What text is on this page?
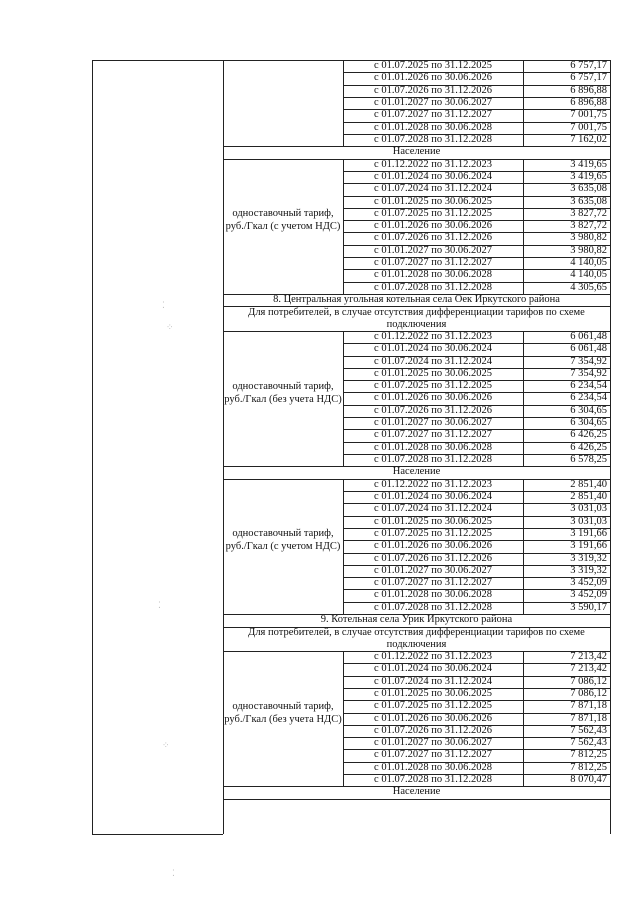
с 01.07.2025 по 31.12.2025	6 757,17
с 01.01.2026 по 30.06.2026	6 757,17
с 01.07.2026 по 31.12.2026	6 896,88
с 01.01.2027 по 30.06.2027	6 896,88
с 01.07.2027 по 31.12.2027	7 001,75
с 01.01.2028 по 30.06.2028	7 001,75
с 01.07.2028 по 31.12.2028	7 162,02
Население
с 01.12.2022 по 31.12.2023	3 419,65
с 01.01.2024 по 30.06.2024	3 419,65
с 01.07.2024 по 31.12.2024	3 635,08
с 01.01.2025 по 30.06.2025	3 635,08
с 01.07.2025 по 31.12.2025	3 827,72
с 01.01.2026 по 30.06.2026	3 827,72
с 01.07.2026 по 31.12.2026	3 980,82
с 01.01.2027 по 30.06.2027	3 980,82
с 01.07.2027 по 31.12.2027	4 140,05
с 01.01.2028 по 30.06.2028	4 140,05
с 01.07.2028 по 31.12.2028	4 305,65
одноставочный тариф, руб./Гкал (с учетом НДС)
8. Центральная угольная котельная села Оек Иркутского района
Для потребителей, в случае отсутствия дифференциации тарифов по схеме подключения
с 01.12.2022 по 31.12.2023	6 061,48
с 01.01.2024 по 30.06.2024	6 061,48
с 01.07.2024 по 31.12.2024	7 354,92
с 01.01.2025 по 30.06.2025	7 354,92
с 01.07.2025 по 31.12.2025	6 234,54
с 01.01.2026 по 30.06.2026	6 234,54
с 01.07.2026 по 31.12.2026	6 304,65
с 01.01.2027 по 30.06.2027	6 304,65
с 01.07.2027 по 31.12.2027	6 426,25
с 01.01.2028 по 30.06.2028	6 426,25
с 01.07.2028 по 31.12.2028	6 578,25
одноставочный тариф, руб./Гкал (без учета НДС)
Население
с 01.12.2022 по 31.12.2023	2 851,40
с 01.01.2024 по 30.06.2024	2 851,40
с 01.07.2024 по 31.12.2024	3 031,03
с 01.01.2025 по 30.06.2025	3 031,03
с 01.07.2025 по 31.12.2025	3 191,66
с 01.01.2026 по 30.06.2026	3 191,66
с 01.07.2026 по 31.12.2026	3 319,32
с 01.01.2027 по 30.06.2027	3 319,32
с 01.07.2027 по 31.12.2027	3 452,09
с 01.01.2028 по 30.06.2028	3 452,09
с 01.07.2028 по 31.12.2028	3 590,17
одноставочный тариф, руб./Гкал (с учетом НДС)
9. Котельная села Урик Иркутского района
Для потребителей, в случае отсутствия дифференциации тарифов по схеме подключения
с 01.12.2022 по 31.12.2023	7 213,42
с 01.01.2024 по 30.06.2024	7 213,42
с 01.07.2024 по 31.12.2024	7 086,12
с 01.01.2025 по 30.06.2025	7 086,12
с 01.07.2025 по 31.12.2025	7 871,18
с 01.01.2026 по 30.06.2026	7 871,18
с 01.07.2026 по 31.12.2026	7 562,43
с 01.01.2027 по 30.06.2027	7 562,43
с 01.07.2027 по 31.12.2027	7 812,25
с 01.01.2028 по 30.06.2028	7 812,25
с 01.07.2028 по 31.12.2028	8 070,47
одноставочный тариф, руб./Гкал (без учета НДС)
Население
⁚
⁘
⁚
⁘
⁚
